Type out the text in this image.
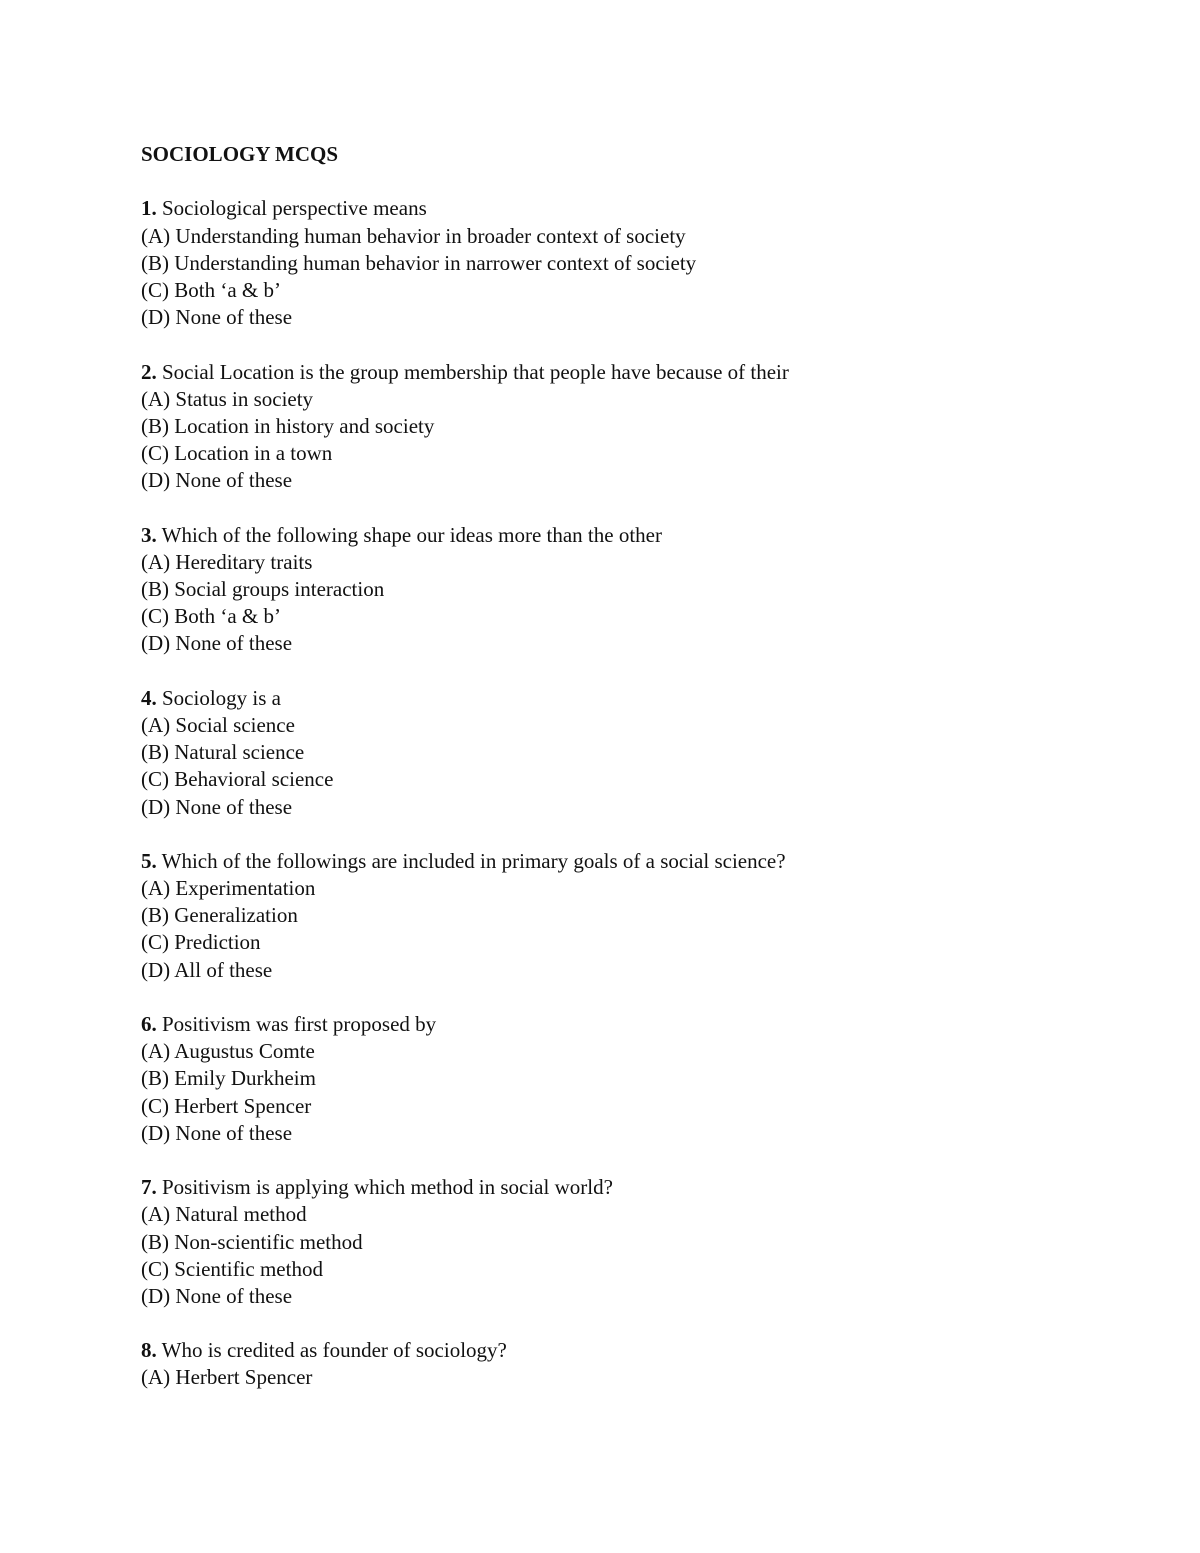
SOCIOLOGY MCQS
1. Sociological perspective means
(A) Understanding human behavior in broader context of society
(B) Understanding human behavior in narrower context of society
(C) Both ‘a & b’
(D) None of these
2. Social Location is the group membership that people have because of their
(A) Status in society
(B) Location in history and society
(C) Location in a town
(D) None of these
3. Which of the following shape our ideas more than the other
(A) Hereditary traits
(B) Social groups interaction
(C) Both ‘a & b’
(D) None of these
4. Sociology is a
(A) Social science
(B) Natural science
(C) Behavioral science
(D) None of these
5. Which of the followings are included in primary goals of a social science?
(A) Experimentation
(B) Generalization
(C) Prediction
(D) All of these
6. Positivism was first proposed by
(A) Augustus Comte
(B) Emily Durkheim
(C) Herbert Spencer
(D) None of these
7. Positivism is applying which method in social world?
(A) Natural method
(B) Non-scientific method
(C) Scientific method
(D) None of these
8. Who is credited as founder of sociology?
(A) Herbert Spencer
